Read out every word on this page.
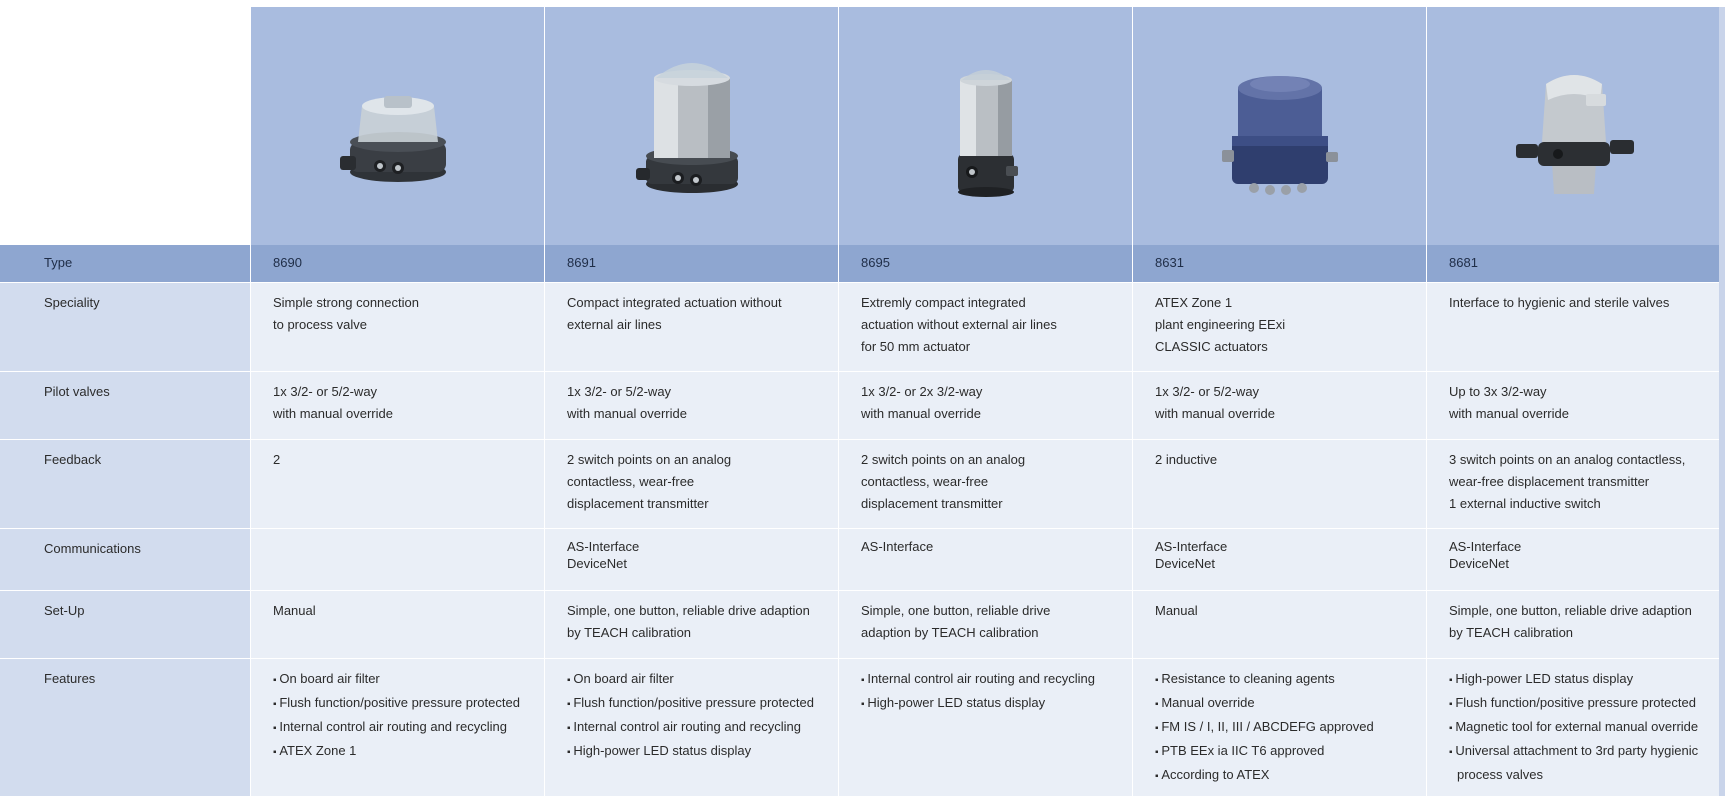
Type	8690	8691	8695	8631	8681
Speciality	Simple strong connection
to process valve
Compact integrated actuation without
external air lines
Extremly compact integrated
actuation without external air lines
for 50 mm actuator
ATEX Zone 1
plant engineering EExi
CLASSIC actuators
Interface to hygienic and sterile valves
Pilot valves	1x 3/2- or 5/2-way
with manual override
1x 3/2- or 5/2-way
with manual override
1x 3/2- or 2x 3/2-way
with manual override
1x 3/2- or 5/2-way
with manual override
Up to 3x 3/2-way
with manual override
Feedback	2	2 switch points on an analog
contactless, wear-free
displacement transmitter
2 switch points on an analog
contactless, wear-free
displacement transmitter
2 inductive	3 switch points on an analog contactless,
wear-free displacement transmitter
1 external inductive switch
Communications	AS-Interface
DeviceNet
AS-Interface	AS-Interface
DeviceNet
AS-Interface
DeviceNet
Set-Up	Manual	Simple, one button, reliable drive adaption
by TEACH calibration
Simple, one button, reliable drive
adaption by TEACH calibration
Manual	Simple, one button, reliable drive adaption
by TEACH calibration
Features
▪	On board air filter
▪ Flush function/positive pressure protected
▪ Internal control air routing and recycling
▪ ATEX Zone 1
▪ On board air filter
▪ Flush function/positive pressure protected
▪ Internal control air routing and recycling
▪ High-power LED status display
▪ Internal control air routing and recycling
▪ High-power LED status display
▪ Resistance to cleaning agents
▪ Manual override
▪ FM IS / I, II, III / ABCDEFG approved
▪ PTB EEx ia IIC T6 approved
▪ According to ATEX
▪ High-power LED status display
▪ Flush function/positive pressure protected
▪ Magnetic tool for external manual override
▪ Universal attachment to 3rd party hygienic process valves
